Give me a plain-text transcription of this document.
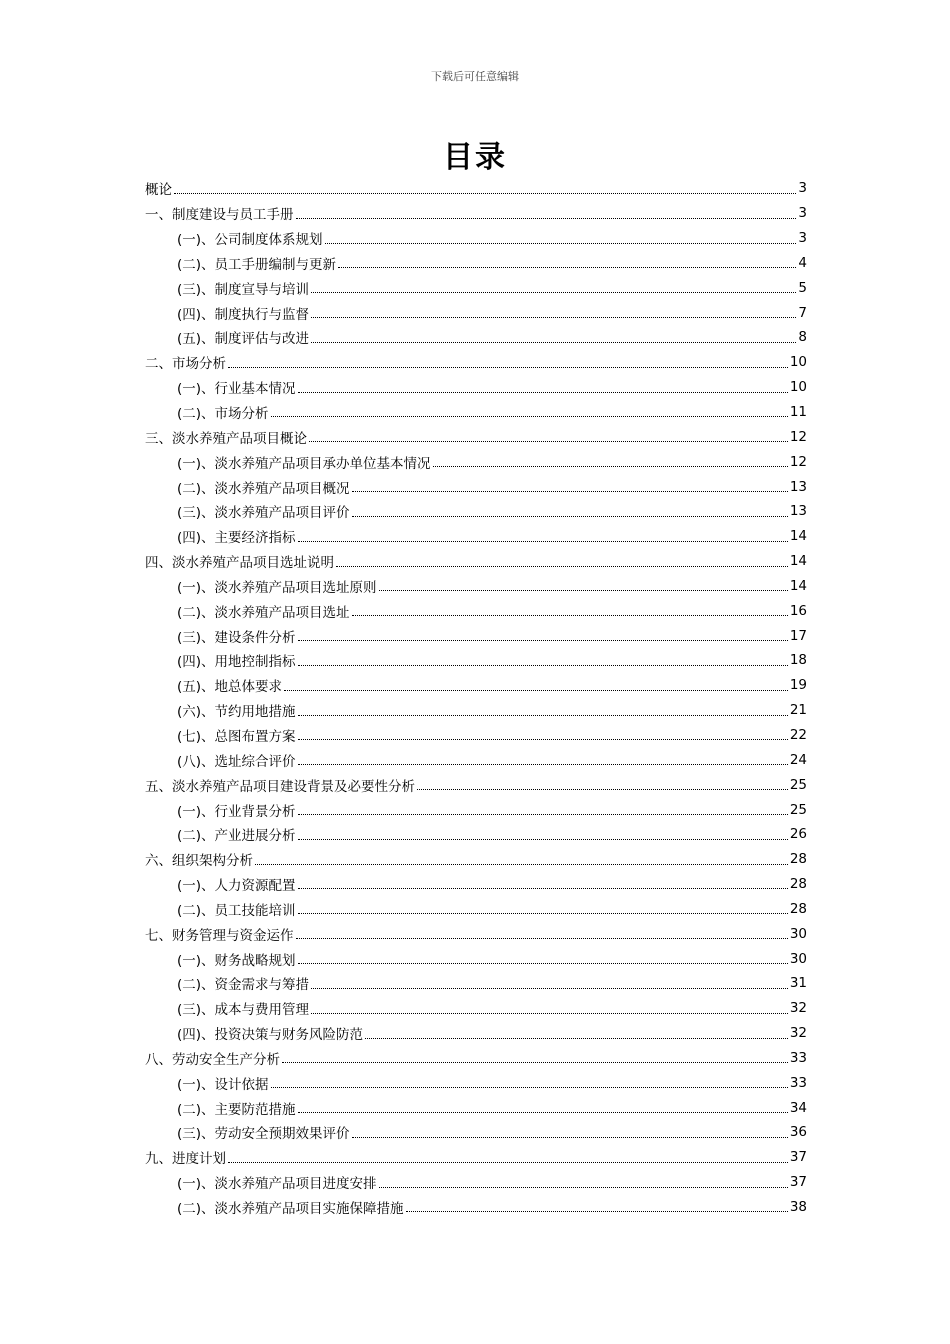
下载后可任意编辑
目录
概论	3
一、制度建设与员工手册	3
(一)、公司制度体系规划	3
(二)、员工手册编制与更新	4
(三)、制度宣导与培训	5
(四)、制度执行与监督	7
(五)、制度评估与改进	8
二、市场分析	10
(一)、行业基本情况	10
(二)、市场分析	11
三、淡水养殖产品项目概论	12
(一)、淡水养殖产品项目承办单位基本情况	12
(二)、淡水养殖产品项目概况	13
(三)、淡水养殖产品项目评价	13
(四)、主要经济指标	14
四、淡水养殖产品项目选址说明	14
(一)、淡水养殖产品项目选址原则	14
(二)、淡水养殖产品项目选址	16
(三)、建设条件分析	17
(四)、用地控制指标	18
(五)、地总体要求	19
(六)、节约用地措施	21
(七)、总图布置方案	22
(八)、选址综合评价	24
五、淡水养殖产品项目建设背景及必要性分析	25
(一)、行业背景分析	25
(二)、产业进展分析	26
六、组织架构分析	28
(一)、人力资源配置	28
(二)、员工技能培训	28
七、财务管理与资金运作	30
(一)、财务战略规划	30
(二)、资金需求与筹措	31
(三)、成本与费用管理	32
(四)、投资决策与财务风险防范	32
八、劳动安全生产分析	33
(一)、设计依据	33
(二)、主要防范措施	34
(三)、劳动安全预期效果评价	36
九、进度计划	37
(一)、淡水养殖产品项目进度安排	37
(二)、淡水养殖产品项目实施保障措施	38
